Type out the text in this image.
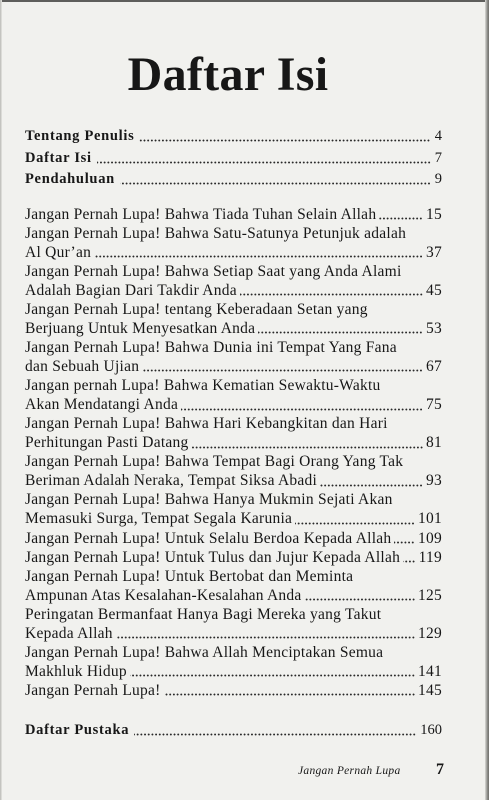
Daftar Isi
Tentang Penulis	4
Daftar Isi	7
Pendahuluan	9
Jangan Pernah Lupa! Bahwa Tiada Tuhan Selain Allah	15
Jangan Pernah Lupa! Bahwa Satu-Satunya Petunjuk adalah
Al Qur’an	37
Jangan Pernah Lupa! Bahwa Setiap Saat yang Anda Alami
Adalah Bagian Dari Takdir Anda	45
Jangan Pernah Lupa! tentang Keberadaan Setan yang
Berjuang Untuk Menyesatkan Anda	53
Jangan Pernah Lupa! Bahwa Dunia ini Tempat Yang Fana
dan Sebuah Ujian	67
Jangan pernah Lupa! Bahwa Kematian Sewaktu-Waktu
Akan Mendatangi Anda	75
Jangan Pernah Lupa! Bahwa Hari Kebangkitan dan Hari
Perhitungan Pasti Datang	81
Jangan Pernah Lupa! Bahwa Tempat Bagi Orang Yang Tak
Beriman Adalah Neraka, Tempat Siksa Abadi	93
Jangan Pernah Lupa! Bahwa Hanya Mukmin Sejati Akan
Memasuki Surga, Tempat Segala Karunia	101
Jangan Pernah Lupa! Untuk Selalu Berdoa Kepada Allah 109
Jangan Pernah Lupa! Untuk Tulus dan Jujur Kepada Allah 119
Jangan Pernah Lupa! Untuk Bertobat dan Meminta
Ampunan Atas Kesalahan-Kesalahan Anda	125
Peringatan Bermanfaat Hanya Bagi Mereka yang Takut
Kepada Allah	129
Jangan Pernah Lupa! Bahwa Allah Menciptakan Semua
Makhluk Hidup	141
Jangan Pernah Lupa!	145
Daftar Pustaka	160
Jangan Pernah Lupa 7
